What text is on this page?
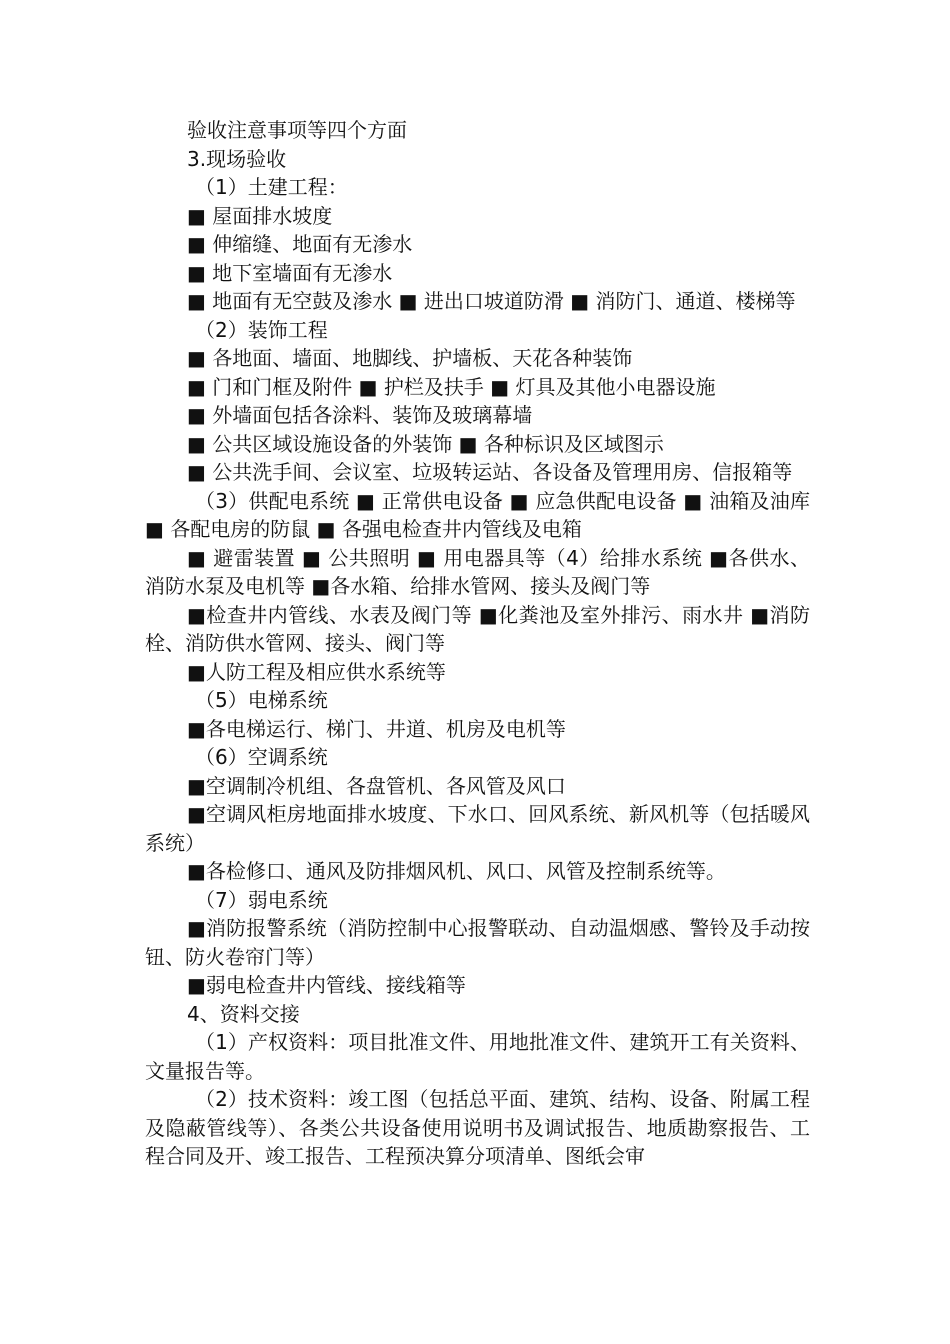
验收注意事项等四个方面

3.现场验收

（1）土建工程：

■ 屋面排水坡度

■ 伸缩缝、地面有无渗水

■ 地下室墙面有无渗水

■ 地面有无空鼓及渗水 ■ 进出口坡道防滑 ■ 消防门、通道、楼梯等

（2）装饰工程

■ 各地面、墙面、地脚线、护墙板、天花各种装饰

■ 门和门框及附件 ■ 护栏及扶手 ■ 灯具及其他小电器设施

■ 外墙面包括各涂料、装饰及玻璃幕墙

■ 公共区域设施设备的外装饰 ■ 各种标识及区域图示

■ 公共洗手间、会议室、垃圾转运站、各设备及管理用房、信报箱等

（3）供配电系统 ■ 正常供电设备 ■ 应急供配电设备 ■ 油箱及油库 ■ 各配电房的防鼠 ■ 各强电检查井内管线及电箱

■ 避雷装置 ■ 公共照明 ■ 用电器具等（4）给排水系统 ■各供水、消防水泵及电机等 ■各水箱、给排水管网、接头及阀门等

■检查井内管线、水表及阀门等 ■化粪池及室外排污、雨水井 ■消防栓、消防供水管网、接头、阀门等

■人防工程及相应供水系统等

（5）电梯系统

■各电梯运行、梯门、井道、机房及电机等

（6）空调系统

■空调制冷机组、各盘管机、各风管及风口

■空调风柜房地面排水坡度、下水口、回风系统、新风机等（包括暖风系统）

■各检修口、通风及防排烟风机、风口、风管及控制系统等。

（7）弱电系统

■消防报警系统（消防控制中心报警联动、自动温烟感、警铃及手动按钮、防火卷帘门等）

■弱电检查井内管线、接线箱等

4、资料交接

（1）产权资料：项目批准文件、用地批准文件、建筑开工有关资料、文量报告等。

（2）技术资料：竣工图（包括总平面、建筑、结构、设备、附属工程及隐蔽管线等）、各类公共设备使用说明书及调试报告、地质勘察报告、工程合同及开、竣工报告、工程预决算分项清单、图纸会审
